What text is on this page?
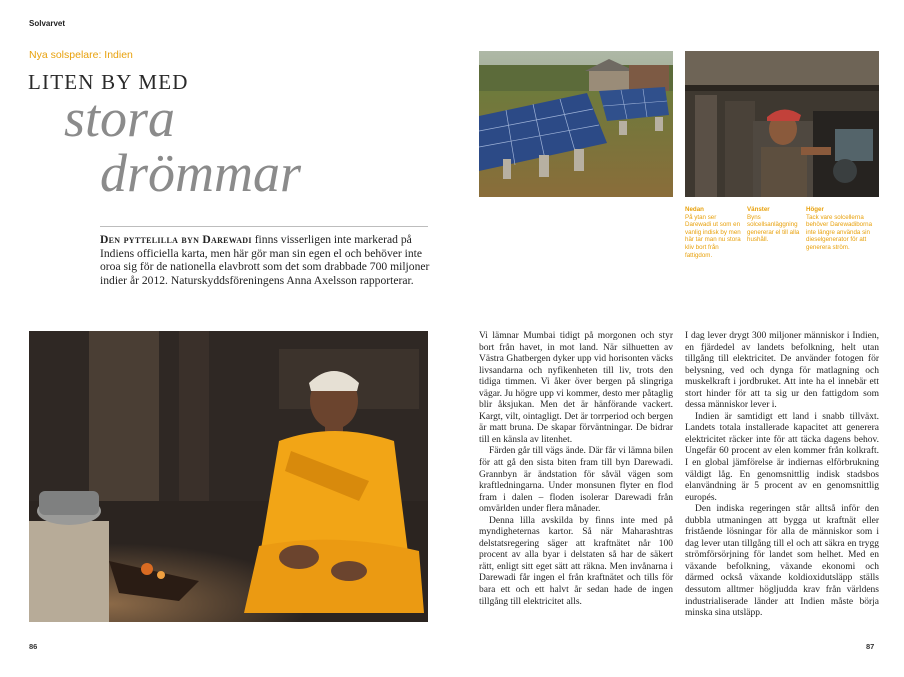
Solvarvet
Nya solspelare: Indien
LITEN BY MED
stora
drömmar

Den pyttelilla byn Darewadi finns visserligen inte markerad på Indiens officiella karta, men här gör man sin egen el och behöver inte oroa sig för de nationella elavbrott som det som drabbade 700 miljoner indier år 2012. Naturskyddsföreningens Anna Axelsson rapporterar.

Nedan
På ytan ser Darewadi ut som en vanlig indisk by men här tar man nu stora kliv bort från fattigdom.
Vänster
Byns solcellsanläggning genererar el till alla hushåll.
Höger
Tack vare solcellerna behöver Darewadiborna inte längre använda sin dieselgenerator för att generera ström.

Vi lämnar Mumbai tidigt på morgonen och styr bort från havet, in mot land. När silhuetten av Västra Ghatbergen dyker upp vid horisonten väcks livsandarna och nyfikenheten till liv, trots den tidiga timmen. Vi åker över bergen på slingriga vägar. Ju högre upp vi kommer, desto mer påtaglig blir åksjukan. Men det är hänförande vackert. Kargt, vilt, ointagligt. Det är torrperiod och bergen är matt bruna. De skapar förväntningar. De bidrar till en känsla av litenhet.

Färden går till vägs ände. Där får vi lämna bilen för att gå den sista biten fram till byn Darewadi. Grannbyn är ändstation för såväl vägen som kraftledningarna. Under monsunen flyter en flod fram i dalen – floden isolerar Darewadi från omvärlden under flera månader.

Denna lilla avskilda by finns inte med på myndigheternas kartor. Så när Maharashtras delstatsregering säger att kraftnätet når 100 procent av alla byar i delstaten så har de säkert rätt, enligt sitt eget sätt att räkna. Men invånarna i Darewadi får ingen el från kraftnätet och tills för bara ett och ett halvt år sedan hade de ingen tillgång till elektricitet alls.

I dag lever drygt 300 miljoner människor i Indien, en fjärdedel av landets befolkning, helt utan tillgång till elektricitet. De använder fotogen för belysning, ved och dynga för matlagning och muskelkraft i jordbruket. Att inte ha el innebär ett stort hinder för att ta sig ur den fattigdom som dessa människor lever i.

Indien är samtidigt ett land i snabb tillväxt. Landets totala installerade kapacitet att generera elektricitet räcker inte för att täcka dagens behov. Ungefär 60 procent av elen kommer från kolkraft. I en global jämförelse är indiernas elförbrukning väldigt låg. En genomsnittlig indisk stadsbos elanvändning är 5 procent av en genomsnittlig europés.

Den indiska regeringen står alltså inför den dubbla utmaningen att bygga ut kraftnät eller fristående lösningar för alla de människor som i dag lever utan tillgång till el och att säkra en trygg strömförsörjning för landet som helhet. Med en växande befolkning, växande ekonomi och därmed också växande koldioxidutsläpp ställs dessutom alltmer högljudda krav från världens industrialiserade länder att Indien måste börja minska sina utsläpp.

86	87
